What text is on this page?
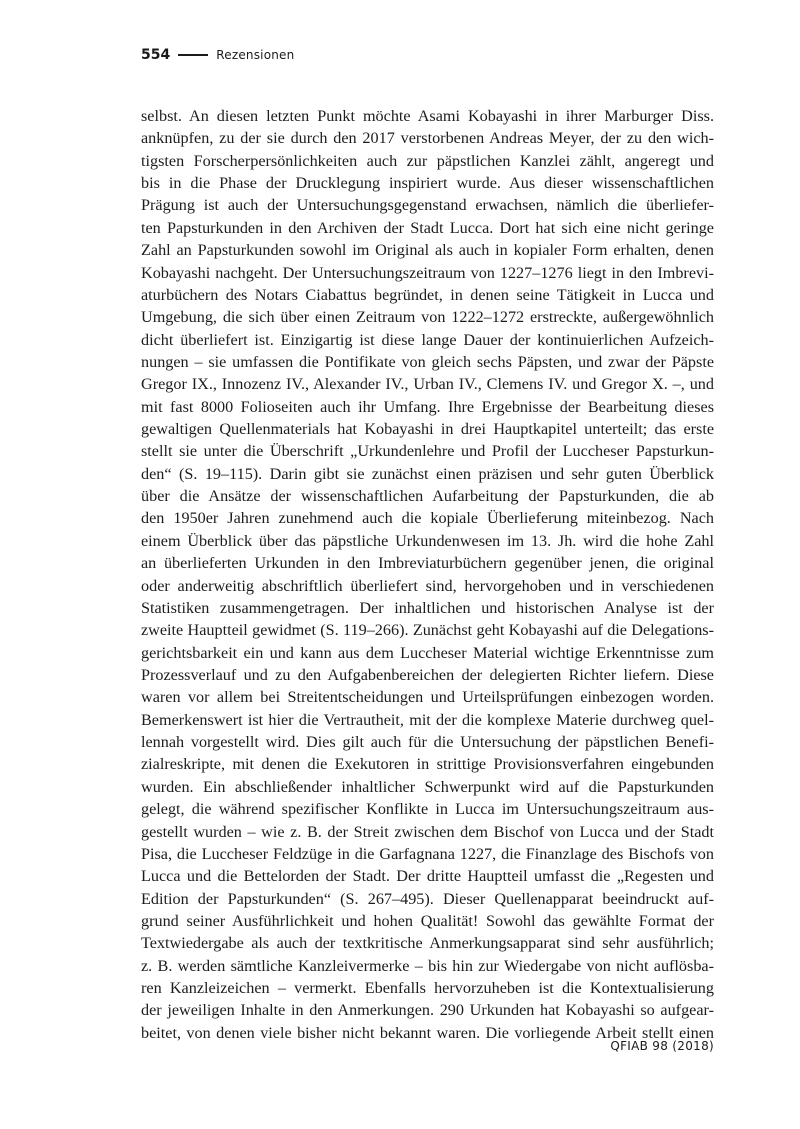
554	Rezensionen
selbst. An diesen letzten Punkt möchte Asami Kobayashi in ihrer Marburger Diss.
anknüpfen, zu der sie durch den 2017 verstorbenen Andreas Meyer, der zu den wich-
tigsten Forscherpersönlichkeiten auch zur päpstlichen Kanzlei zählt, angeregt und
bis in die Phase der Drucklegung inspiriert wurde. Aus dieser wissenschaftlichen
Prägung ist auch der Untersuchungsgegenstand erwachsen, nämlich die überliefer-
ten Papsturkunden in den Archiven der Stadt Lucca. Dort hat sich eine nicht geringe
Zahl an Papsturkunden sowohl im Original als auch in kopialer Form erhalten, denen
Kobayashi nachgeht. Der Untersuchungszeitraum von 1227–1276 liegt in den Imbrevi-
aturbüchern des Notars Ciabattus begründet, in denen seine Tätigkeit in Lucca und
Umgebung, die sich über einen Zeitraum von 1222–1272 erstreckte, außergewöhnlich
dicht überliefert ist. Einzigartig ist diese lange Dauer der kontinuierlichen Aufzeich-
nungen – sie umfassen die Pontifikate von gleich sechs Päpsten, und zwar der Päpste
Gregor IX., Innozenz IV., Alexander IV., Urban IV., Clemens IV. und Gregor X. –, und
mit fast 8000 Folioseiten auch ihr Umfang. Ihre Ergebnisse der Bearbeitung dieses
gewaltigen Quellenmaterials hat Kobayashi in drei Hauptkapitel unterteilt; das erste
stellt sie unter die Überschrift „Urkundenlehre und Profil der Luccheser Papsturkun-
den“ (S. 19–115). Darin gibt sie zunächst einen präzisen und sehr guten Überblick
über die Ansätze der wissenschaftlichen Aufarbeitung der Papsturkunden, die ab
den 1950er Jahren zunehmend auch die kopiale Überlieferung miteinbezog. Nach
einem Überblick über das päpstliche Urkundenwesen im 13. Jh. wird die hohe Zahl
an überlieferten Urkunden in den Imbreviaturbüchern gegenüber jenen, die original
oder anderweitig abschriftlich überliefert sind, hervorgehoben und in verschiedenen
Statistiken zusammengetragen. Der inhaltlichen und historischen Analyse ist der
zweite Hauptteil gewidmet (S. 119–266). Zunächst geht Kobayashi auf die Delegations-
gerichtsbarkeit ein und kann aus dem Luccheser Material wichtige Erkenntnisse zum
Prozessverlauf und zu den Aufgabenbereichen der delegierten Richter liefern. Diese
waren vor allem bei Streitentscheidungen und Urteilsprüfungen einbezogen worden.
Bemerkenswert ist hier die Vertrautheit, mit der die komplexe Materie durchweg quel-
lennah vorgestellt wird. Dies gilt auch für die Untersuchung der päpstlichen Benefi-
zialreskripte, mit denen die Exekutoren in strittige Provisionsverfahren eingebunden
wurden. Ein abschließender inhaltlicher Schwerpunkt wird auf die Papsturkunden
gelegt, die während spezifischer Konflikte in Lucca im Untersuchungszeitraum aus-
gestellt wurden – wie z. B. der Streit zwischen dem Bischof von Lucca und der Stadt
Pisa, die Luccheser Feldzüge in die Garfagnana 1227, die Finanzlage des Bischofs von
Lucca und die Bettelorden der Stadt. Der dritte Hauptteil umfasst die „Regesten und
Edition der Papsturkunden“ (S. 267–495). Dieser Quellenapparat beeindruckt auf-
grund seiner Ausführlichkeit und hohen Qualität! Sowohl das gewählte Format der
Textwiedergabe als auch der textkritische Anmerkungsapparat sind sehr ausführlich;
z. B. werden sämtliche Kanzleivermerke – bis hin zur Wiedergabe von nicht auflösba-
ren Kanzleizeichen – vermerkt. Ebenfalls hervorzuheben ist die Kontextualisierung
der jeweiligen Inhalte in den Anmerkungen. 290 Urkunden hat Kobayashi so aufgear-
beitet, von denen viele bisher nicht bekannt waren. Die vorliegende Arbeit stellt einen
QFIAB 98 (2018)
